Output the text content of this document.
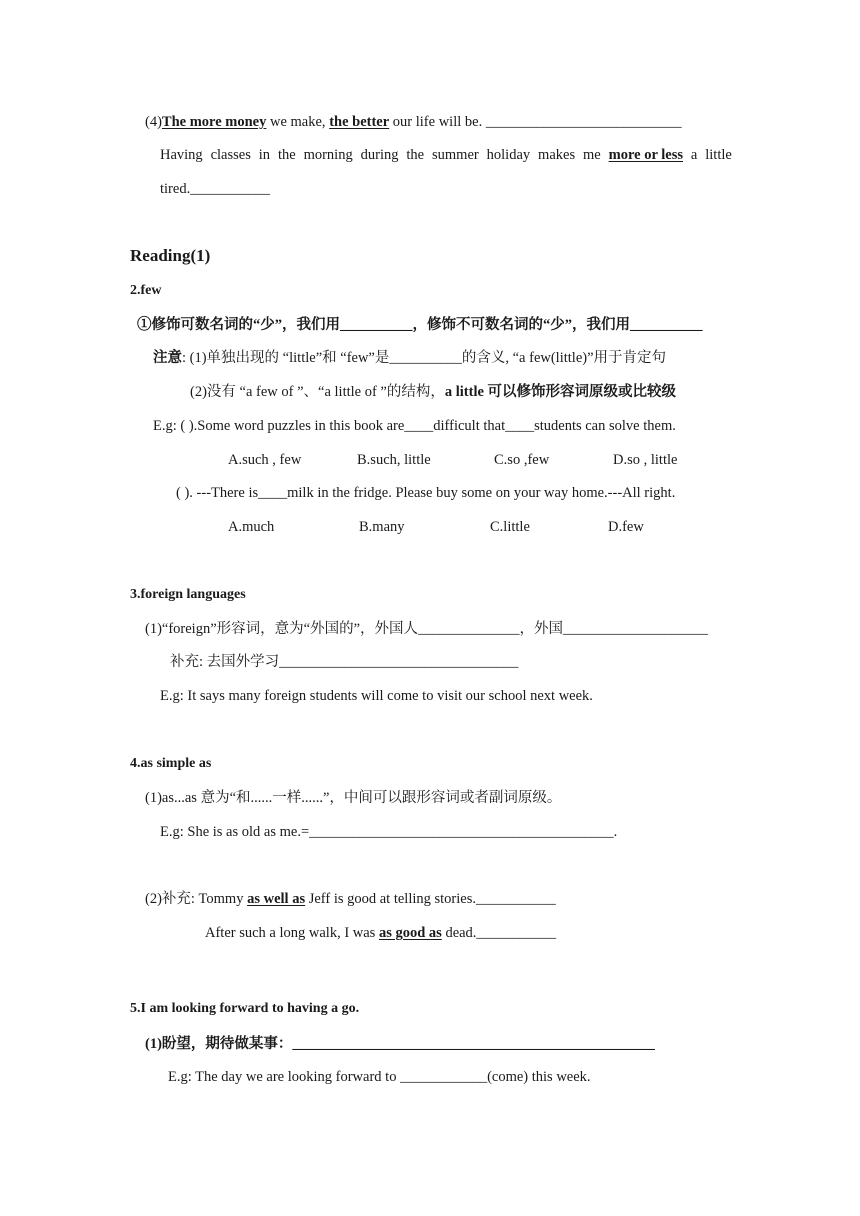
(4)The more money we make, the better our life will be. ___________________________
Having classes in the morning during the summer holiday makes me more or less a little
tired.___________
Reading(1)
2.few
①修饰可数名词的“少”，我们用__________，修饰不可数名词的“少”，我们用__________
注意: (1)单独出现的 “little”和 “few”是__________的含义, “a few(little)”用于肯定句
(2)没有 “a few of ”、“a little of ”的结构，a little 可以修饰形容词原级或比较级
E.g: ( ).Some word puzzles in this book are____difficult that____students can solve them.
A.such , few	B.such, little	C.so ,few	D.so , little
( ). ---There is____milk in the fridge. Please buy some on your way home.---All right.
A.much	B.many	C.little	D.few
3.foreign languages
(1)“foreign”形容词，意为“外国的”，外国人______________，外国____________________
补充: 去国外学习_________________________________
E.g: It says many foreign students will come to visit our school next week.
4.as simple as
(1)as...as 意为“和......一样......”，中间可以跟形容词或者副词原级。
E.g: She is as old as me.=__________________________________________.
(2)补充: Tommy as well as Jeff is good at telling stories.___________
After such a long walk, I was as good as dead.___________
5.I am looking forward to having a go.
(1)盼望，期待做某事：__________________________________________________
E.g: The day we are looking forward to ____________(come) this week.
